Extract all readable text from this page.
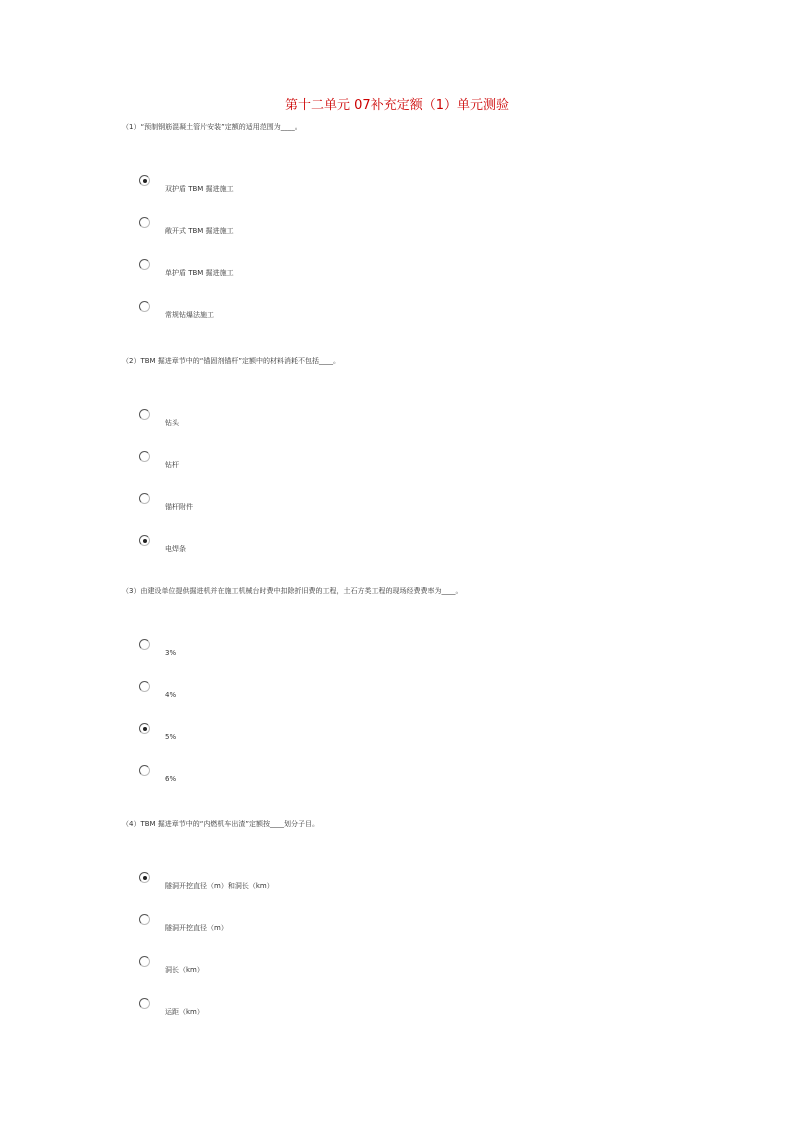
第十二单元 07补充定额（1）单元测验
（1）“预制钢筋混凝土管片安装”定额的适用范围为____。
双护盾 TBM 掘进施工
敞开式 TBM 掘进施工
单护盾 TBM 掘进施工
常规钻爆法施工
（2）TBM 掘进章节中的“锚固剂锚杆”定额中的材料消耗不包括____。
钻头
钻杆
锚杆附件
电焊条
（3）由建设单位提供掘进机并在施工机械台时费中扣除折旧费的工程，土石方类工程的现场经费费率为____。
3%
4%
5%
6%
（4）TBM 掘进章节中的“内燃机车出渣”定额按____划分子目。
隧洞开挖直径（m）和洞长（km）
隧洞开挖直径（m）
洞长（km）
运距（km）
